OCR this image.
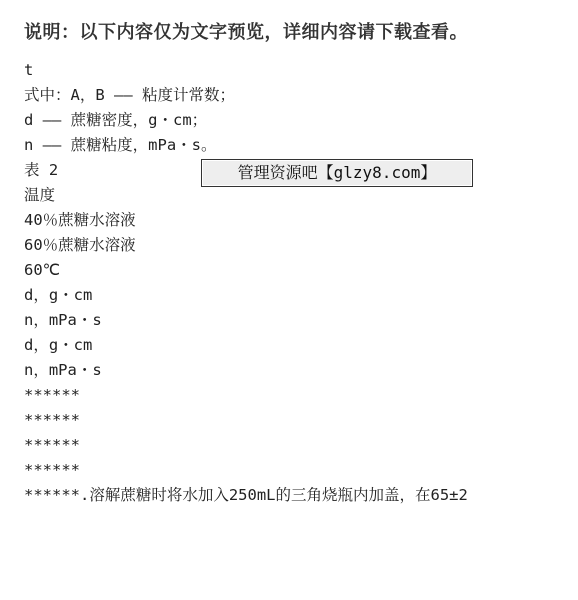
说明：以下内容仅为文字预览，详细内容请下载查看。
t
式中：A，B —— 粘度计常数；
d —— 蔗糖密度，g・cm；
n —— 蔗糖粘度，mPa・s。
表 2
温度
40％蔗糖水溶液
60％蔗糖水溶液
60℃
d，g・cm
n，mPa・s
d，g・cm
n，mPa・s
******
******
******
******
******.溶解蔗糖时将水加入250mL的三角烧瓶内加盖，在65±2
管理资源吧【glzy8.com】
